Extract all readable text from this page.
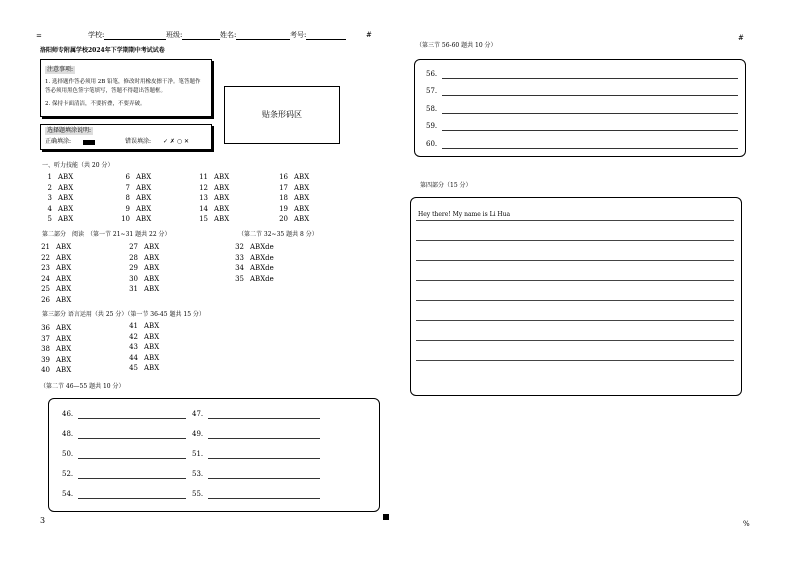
=	学校:	班级:	姓名:	考号:	#
洛阳师专附属学校2024年下学期期中考试试卷
注意事项:
1. 选择题作答必须用 2B 铅笔，修改时用橡皮擦干净。笔答题作答必须用黑色签字笔填写，答题不得超出答题框。
2. 保持卡面清洁，不要折叠，不要弄破。
贴条形码区
选择题填涂说明:
正确填涂:	错误填涂: ✓ ✗ ○ ✕
一、听力技能（共 20 分）
1 ABX
2 ABX
3 ABX
4 ABX
5 ABX
6 ABX
7 ABX
8 ABX
9 ABX
10 ABX
11 ABX
12 ABX
13 ABX
14 ABX
15 ABX
16 ABX
17 ABX
18 ABX
19 ABX
20 ABX
第二部分　阅读　（第一节 21~31 题共 22 分）	（第二节 32~35 题共 8 分）
21 ABX
22 ABX
23 ABX
24 ABX
25 ABX
26 ABX
27 ABX
28 ABX
29 ABX
30 ABX
31 ABX
32 ABXde
33 ABXde
34 ABXde
35 ABXde
第三部分 语言运用（共 25 分）（第一节 36-45 题共 15 分）
36 ABX
37 ABX
38 ABX
39 ABX
40 ABX
41 ABX
42 ABX
43 ABX
44 ABX
45 ABX
（第二节 46—55 题共 10 分）
46.	47.
48.	49.
50.	51.
52.	53.
54.	55.
#
（第三节 56-60 题共 10 分）
56.
57.
58.
59.
60.
第四部分（15 分）
Hey there! My name is Li Hua
3	%
